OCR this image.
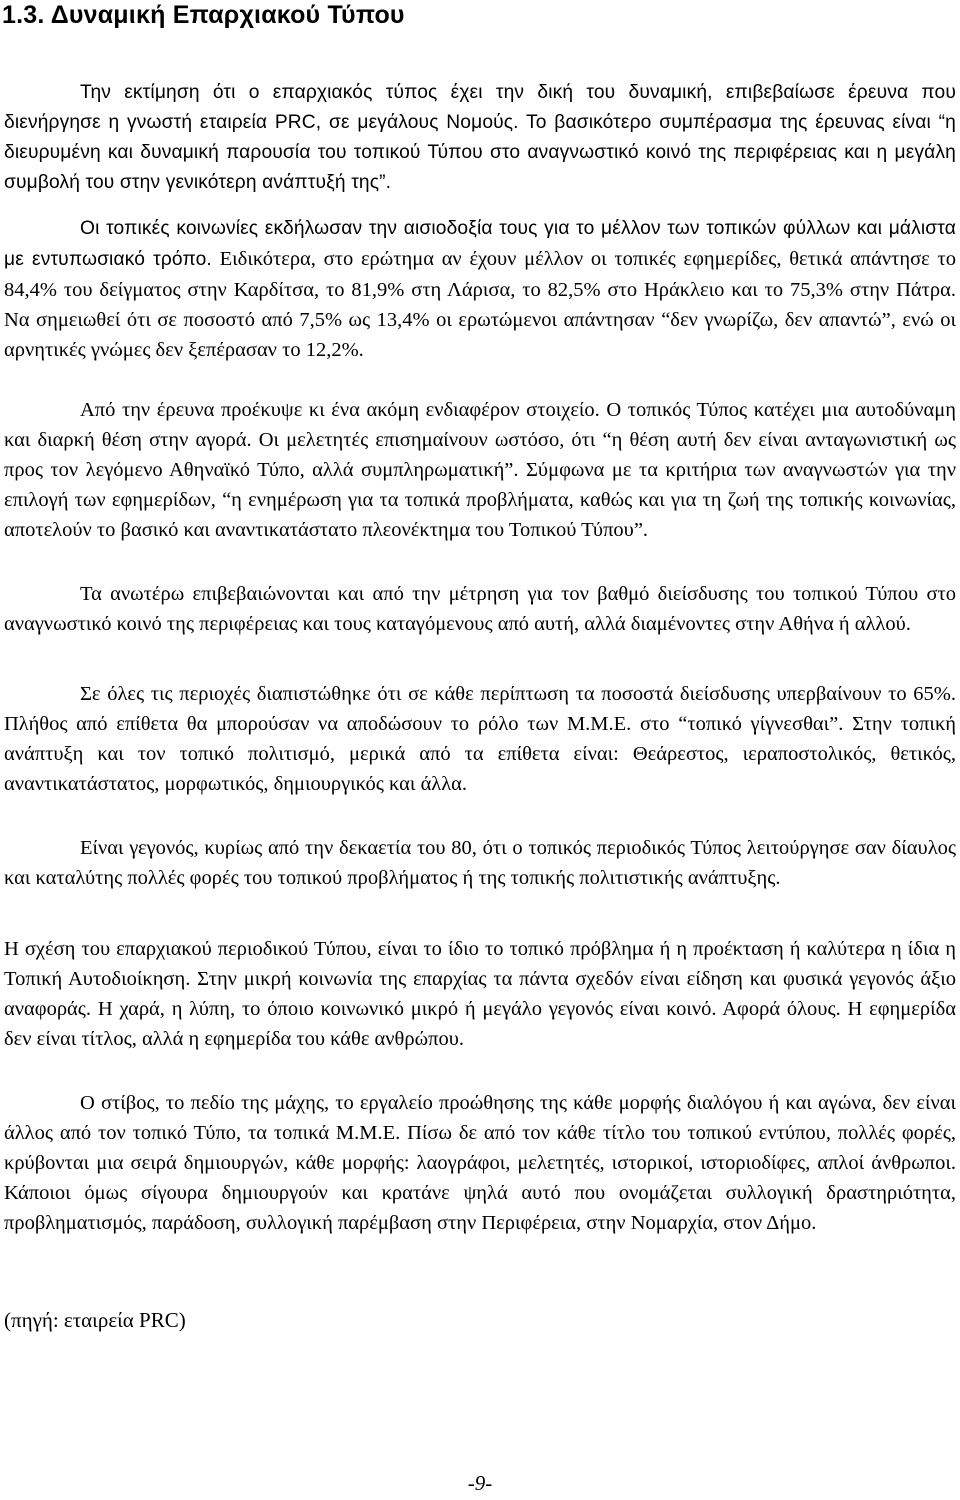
1.3. Δυναμική Επαρχιακού Τύπου

Την εκτίμηση ότι ο επαρχιακός τύπος έχει την δική του δυναμική, επιβεβαίωσε έρευνα που διενήργησε η γνωστή εταιρεία PRC, σε μεγάλους Νομούς. Το βασικότερο συμπέρασμα της έρευνας είναι “η διευρυμένη και δυναμική παρουσία του τοπικού Τύπου στο αναγνωστικό κοινό της περιφέρειας και η μεγάλη συμβολή του στην γενικότερη ανάπτυξή της”.

Οι τοπικές κοινωνίες εκδήλωσαν την αισιοδοξία τους για το μέλλον των τοπικών φύλλων και μάλιστα με εντυπωσιακό τρόπο. Ειδικότερα, στο ερώτημα αν έχουν μέλλον οι τοπικές εφημερίδες, θετικά απάντησε το 84,4% του δείγματος στην Καρδίτσα, το 81,9% στη Λάρισα, το 82,5% στο Ηράκλειο και το 75,3% στην Πάτρα. Να σημειωθεί ότι σε ποσοστό από 7,5% ως 13,4% οι ερωτώμενοι απάντησαν “δεν γνωρίζω, δεν απαντώ”, ενώ οι αρνητικές γνώμες δεν ξεπέρασαν το 12,2%.

Από την έρευνα προέκυψε κι ένα ακόμη ενδιαφέρον στοιχείο. Ο τοπικός Τύπος κατέχει μια αυτοδύναμη και διαρκή θέση στην αγορά. Οι μελετητές επισημαίνουν ωστόσο, ότι “η θέση αυτή δεν είναι ανταγωνιστική ως προς τον λεγόμενο Αθηναϊκό Τύπο, αλλά συμπληρωματική”. Σύμφωνα με τα κριτήρια των αναγνωστών για την επιλογή των εφημερίδων, “η ενημέρωση για τα τοπικά προβλήματα, καθώς και για τη ζωή της τοπικής κοινωνίας, αποτελούν το βασικό και αναντικατάστατο πλεονέκτημα του Τοπικού Τύπου”.

Τα ανωτέρω επιβεβαιώνονται και από την μέτρηση για τον βαθμό διείσδυσης του τοπικού Τύπου στο αναγνωστικό κοινό της περιφέρειας και τους καταγόμενους από αυτή, αλλά διαμένοντες στην Αθήνα ή αλλού.

Σε όλες τις περιοχές διαπιστώθηκε ότι σε κάθε περίπτωση τα ποσοστά διείσδυσης υπερβαίνουν το 65%. Πλήθος από επίθετα θα μπορούσαν να αποδώσουν το ρόλο των Μ.Μ.Ε. στο “τοπικό γίγνεσθαι”. Στην τοπική ανάπτυξη και τον τοπικό πολιτισμό, μερικά από τα επίθετα είναι: Θεάρεστος, ιεραποστολικός, θετικός, αναντικατάστατος, μορφωτικός, δημιουργικός και άλλα.

Είναι γεγονός, κυρίως από την δεκαετία του 80, ότι ο τοπικός περιοδικός Τύπος λειτούργησε σαν δίαυλος και καταλύτης πολλές φορές του τοπικού προβλήματος ή της τοπικής πολιτιστικής ανάπτυξης.

Η σχέση του επαρχιακού περιοδικού Τύπου, είναι το ίδιο το τοπικό πρόβλημα ή η προέκταση ή καλύτερα η ίδια η Τοπική Αυτοδιοίκηση. Στην μικρή κοινωνία της επαρχίας τα πάντα σχεδόν είναι είδηση και φυσικά γεγονός άξιο αναφοράς. Η χαρά, η λύπη, το όποιο κοινωνικό μικρό ή μεγάλο γεγονός είναι κοινό. Αφορά όλους. Η εφημερίδα δεν είναι τίτλος, αλλά η εφημερίδα του κάθε ανθρώπου.

Ο στίβος, το πεδίο της μάχης, το εργαλείο προώθησης της κάθε μορφής διαλόγου ή και αγώνα, δεν είναι άλλος από τον τοπικό Τύπο, τα τοπικά Μ.Μ.Ε. Πίσω δε από τον κάθε τίτλο του τοπικού εντύπου, πολλές φορές, κρύβονται μια σειρά δημιουργών, κάθε μορφής: λαογράφοι, μελετητές, ιστορικοί, ιστοριοδίφες, απλοί άνθρωποι. Κάποιοι όμως σίγουρα δημιουργούν και κρατάνε ψηλά αυτό που ονομάζεται συλλογική δραστηριότητα, προβληματισμός, παράδοση, συλλογική παρέμβαση στην Περιφέρεια, στην Νομαρχία, στον Δήμο.

(πηγή: εταιρεία PRC)

-9-
